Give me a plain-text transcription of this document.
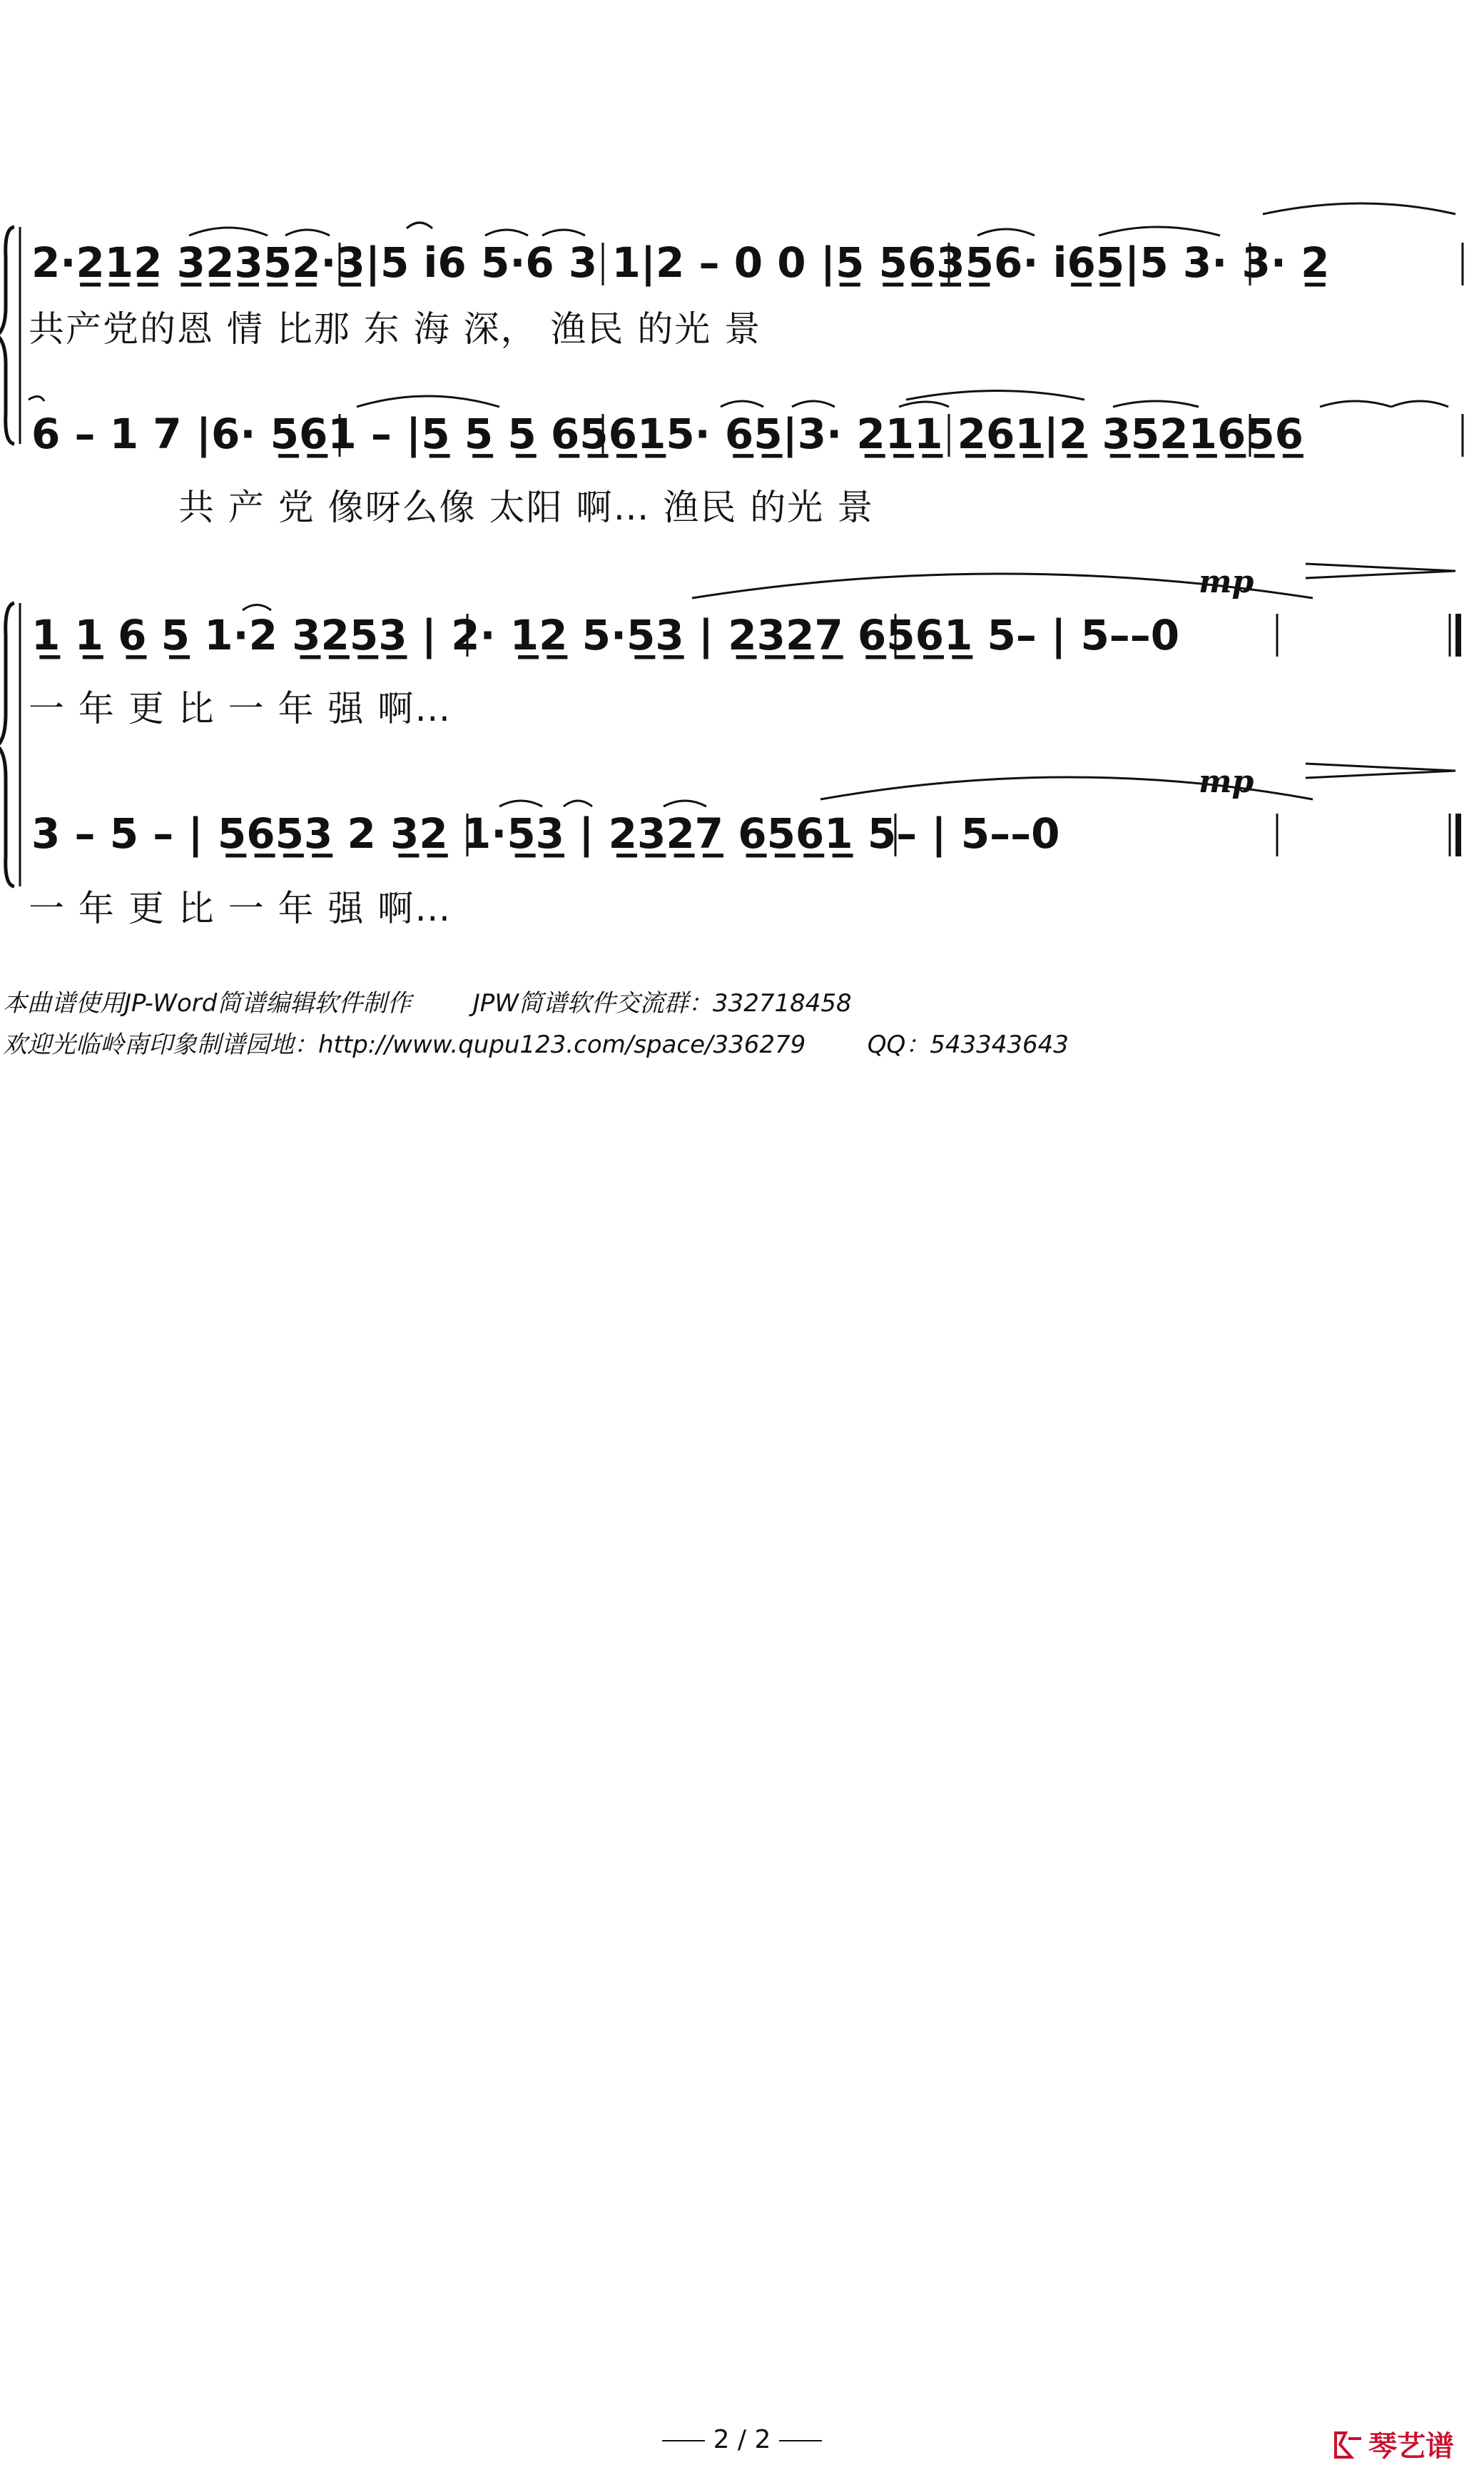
2·2̲1̲2̲ 3̲2̲3̲5̲2̲·3̲|5 i̇6 5·6 3 1|2 – 0 0 |5̲ 5̲6̲3̲5̲6· i̇6̲5̲|5 3· 3· 2̲
共产党的恩 情 比那 东 海 深， 渔民 的光 景
6 – 1 7 |6· 5̲6̲1 – |5̲ 5̲ 5̲ 6̲5̲6̲1̲5· 6̲5̲|3· 2̲1̲1̲ 2̲6̲1̲|2̲ 3̲5̲2̲1̲6̲5̲6̲
共 产 党 像呀么像 太阳 啊… 渔民 的光 景
1̲ 1̲ 6̲ 5̲ 1·2 3̲2̲5̲3̲ | 2· 1̲2̲ 5·5̲3̲ | 2̲3̲2̲7̲ 6̲5̲6̲1̲ 5– | 5––0
一 年 更 比 一 年 强 啊…
3 – 5 – | 5̲6̲5̲3̲ 2 3̲2̲ 1·5̲3̲ | 2̲3̲2̲7̲ 6̲5̲6̲1̲ 5– | 5––0
一 年 更 比 一 年 强 啊…
mp
mp
本曲谱使用JP-Word简谱编辑软件制作        JPW简谱软件交流群：332718458
欢迎光临岭南印象制谱园地：http://www.qupu123.com/space/336279        QQ：543343643
2 / 2	琴艺谱
